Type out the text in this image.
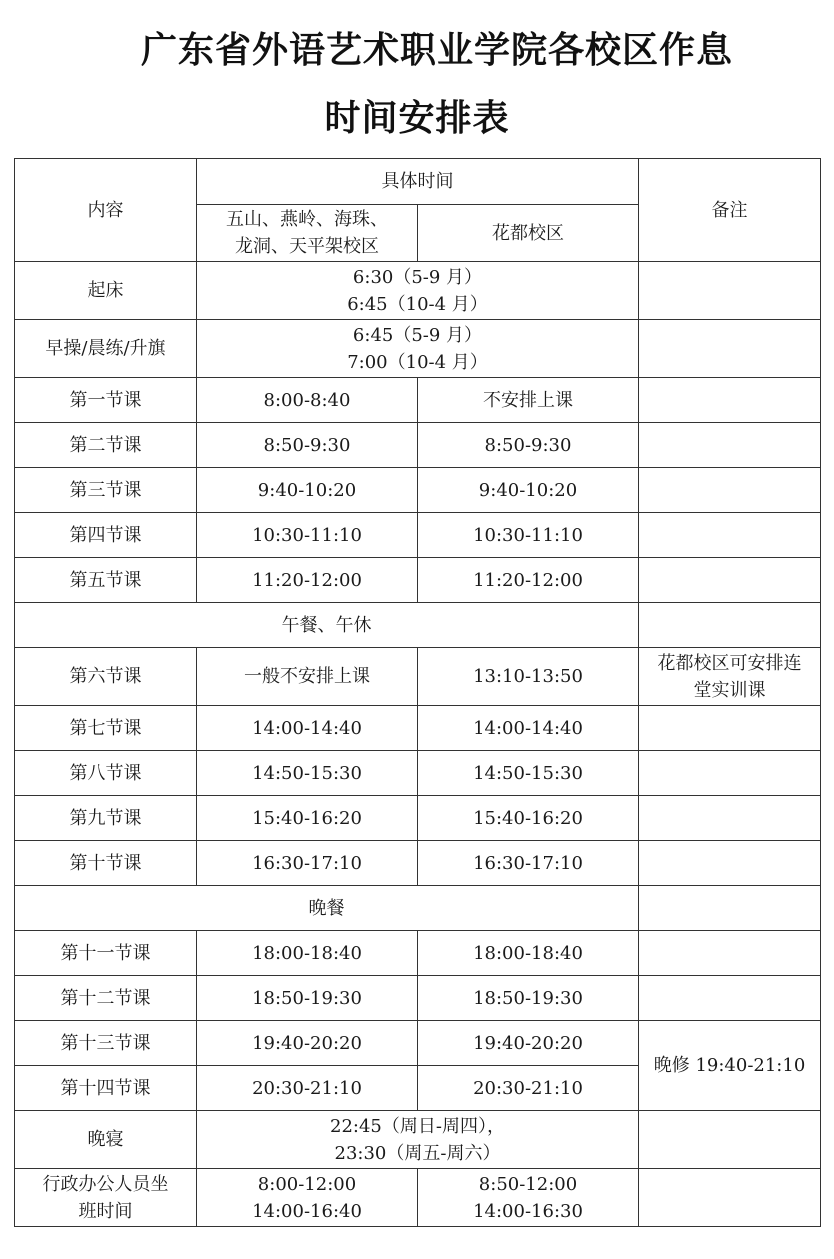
广东省外语艺术职业学院各校区作息
时间安排表
内容	具体时间		备注

	五山、燕岭、海珠、
龙洞、天平架校区	花都校区	
起床	6:30（5-9 月）
6:45（10-4 月）		

早操/晨练/升旗	6:45（5-9 月）
7:00（10-4 月）		

第一节课	8:00-8:40	不安排上课	
第二节课	8:50-9:30	8:50-9:30	
第三节课	9:40-10:20	9:40-10:20	
第四节课	10:30-11:10	10:30-11:10	
第五节课	11:20-12:00	11:20-12:00	
午餐、午休			
第六节课	一般不安排上课	13:10-13:50	花都校区可安排连
堂实训课

第七节课	14:00-14:40	14:00-14:40	
第八节课	14:50-15:30	14:50-15:30	
第九节课	15:40-16:20	15:40-16:20	
第十节课	16:30-17:10	16:30-17:10	
晚餐			
第十一节课	18:00-18:40	18:00-18:40	
第十二节课	18:50-19:30	18:50-19:30	
第十三节课	19:40-20:20	19:40-20:20	晚修 19:40-21:10
第十四节课	20:30-21:10	20:30-21:10	
晚寝	22:45（周日-周四），
23:30（周五-周六）		

行政办公人员坐
班时间	8:00-12:00
14:00-16:40	8:50-12:00
14:00-16:30	
